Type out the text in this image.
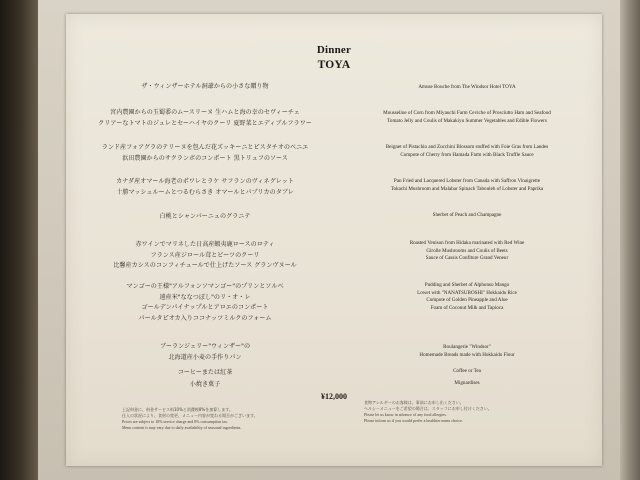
Dinner
TOYA
ザ・ウィンザーホテル洞爺からの小さな贈り物
宮内農園からの玉蜀黍のムースリーヌ 生ハムと海の幸のセヴィーチェ
クリアーなトマトのジュレとセーハイヤのクーリ 夏野菜とエディブルフラワー
ランド産フォアグラのテリーヌを包んだ花ズッキーニとピスタチオのベニエ
浜田農園からのサクランボのコンポート 黒トリュフのソース
カナダ産オマール海老のポワレとラケ サフランのヴィネグレット
十勝マッシュルームとつるむらさき オマールとパプリカのタブレ
白桃とシャンパーニュのグラニテ
赤ワインでマリネした日高産蝦夷鹿ロースのロティ
フランス産ジロール茸とビーツのクーリ
比馨産カシスのコンフィチュールで仕上げたソース グランヴヌール
マンゴーの王様"アルフォンソマンゴー"のプリンとソルベ
遠産米"ななつぼし"のリ・オ・レ
ゴールデンパイナップルとアロエのコンポート
パールタピオカ入りココナッツミルクのフォーム
ブーランジェリー"ウィンザー"の
北海道産小麦の手作りパン
コーヒーまたは紅茶
小焼き菓子
Amuse Bouche from The Windsor Hotel TOYA
Mousseline of Corn from Miyauchi Farm Ceviche of Prosciutto Ham and Seafood
Tomato Jelly and Coulis of Makakiyu Summer Vegetables and Edible Flowers
Beignet of Pistachio and Zucchini Blossom stuffed with Foie Gras from Landes
Compote of Cherry from Hamada Farm with Black Truffle Sauce
Pan Fried and Lacquered Lobster from Canada with Saffron Vinaigrette
Tokachi Mushroom and Malabar Spinach Tabouleh of Lobster and Paprika
Sherbet of Peach and Champagne
Roasted Venison from Hidaka marinated with Red Wine
Girolle Mushrooms and Coulis of Beets
Sauce of Cassis Confiture Grand Veneur
Pudding and Sherbet of Alphonso Mango
Lowet with "NANATSUBOSHI" Hokkaido Rice
Compote of Golden Pineapple and Aloe
Foam of Coconut Milk and Tapioca
Boulangerie "Windsor"
Homemade Breads made with Hokkaido Flour
Coffee or Tea
Mignardises
¥12,000
上記料金に、料金サービス料10%と消費税8%を加算します。
仕入の状況により、食材の変更、メニュー内容が変わる場合がございます。
Prices are subject to 10% service charge and 8% consumption tax.
Menu content is may vary due to daily availability of seasonal ingredients.
食物アレルギーのお客様は、事前にお申し出ください。
ヘルシーメニューをご希望の場合は、スタッフにお申し付けください。
Please let us know in advance of any food allergies.
Please inform us if you would prefer a healthier menu choice.
